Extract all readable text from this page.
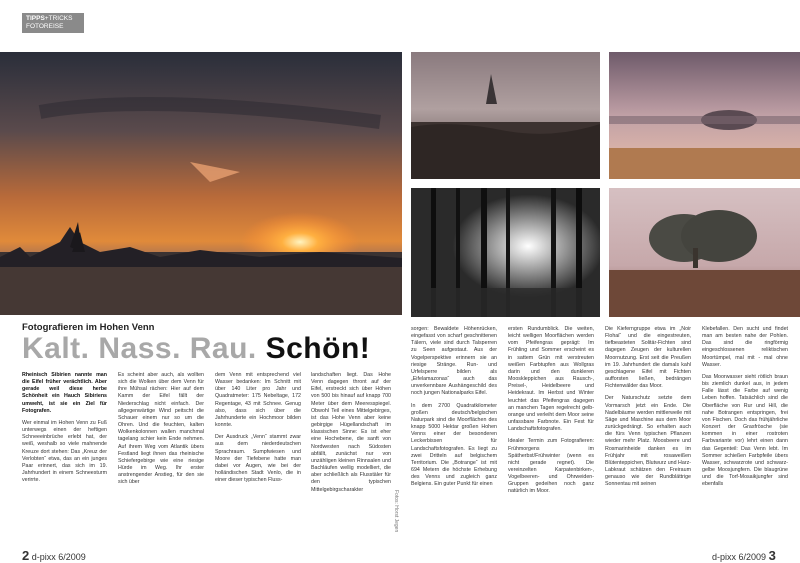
TIPPS+TRICKS
FOTOREISE
Fotografieren im Hohen Venn
Kalt. Nass. Rau. Schön!

Rheinisch Sibirien nannte man die Eifel früher verächtlich. Aber gerade weil diese herbe Schönheit ein Hauch Sibiriens umweht, ist sie ein Ziel für Fotografen.

Wer einmal im Hohen Venn zu Fuß unterwegs einen der heftigen Schneeeinbrüche erlebt hat, der weiß, weshalb so viele mahnende Kreuze dort stehen: Das „Kreuz der Verlobten“ etwa, das an ein junges Paar erinnert, das sich im 19. Jahrhundert in einem Schneesturm verirrte.

Es scheint aber auch, als wollten sich die Wolken über dem Venn für ihre Mühsal rächen: Hier auf dem Kamm der Eifel fällt der Niederschlag nicht einfach. Der allgegenwärtige Wind peitscht die Schauer einem nur so um die Ohren. Und die feuchten, kalten Wolkenkolonnen wallen manchmal tagelang schier kein Ende nehmen. Auf ihrem Weg vom Atlantik übers Festland liegt ihnen das rheinische Schiefergebirge wie eine riesige Hürde im Weg. Ihr erster anstrengender Anstieg, für den sie sich über

dem Venn mit entsprechend viel Wasser bedanken: Im Schnitt mit über 140 Liter pro Jahr und Quadratmeter: 175 Nebeltage, 172 Regentage, 43 mit Schnee. Genug also, dass sich über die Jahrhunderte ein Hochmoor bilden konnte.

Der Ausdruck „Venn“ stammt zwar aus dem niederdeutschen Sprachraum. Sumpfwiesen und Moore der Tiefebene hatte man dabei vor Augen, wie bei der holländischen Stadt Venlo, die in einer dieser typischen Fluss-

landschaften liegt. Das Hohe Venn dagegen thront auf der Eifel, erstreckt sich über Höhen von 500 bis hinauf auf knapp 700 Meter über dem Meeresspiegel. Obwohl Teil eines Mittelgebirges, ist das Hohe Venn aber keine gebirgige Hügellandschaft im klassischen Sinne: Es ist eher eine Hochebene, die sanft von Nordwesten nach Südosten abfällt, zunächst nur von unzähligen kleinen Rinnsalen und Bachläufen wellig modelliert, die aber schließlich als Flusstäler für den typischen Mittelgebirgscharakter

Fotos: Horst Jegen

sorgen: Bewaldete Höhenrücken, eingefasst von scharf geschnittenen Tälern, viele sind durch Talsperren zu Seen aufgestaut. Aus der Vogelperspektive erinnern sie an riesige Stränge. Run- und Urfelsperre bilden als „Eifelamazonas“ auch das unverkennbare Aushängeschild des noch jungen Nationalparks Eifel.

In dem 2700 Quadratkilometer großen deutsch/belgischen Naturpark sind die Moorflächen des knapp 5000 Hektar großen Hohen Venns einer der besonderen Leckerbissen für Landschaftsfotografen. Es liegt zu zwei Dritteln auf belgischem Territorium. Die „Botrange“ ist mit 694 Metern die höchste Erhebung des Venns und zugleich ganz Belgiens. Ein guter Punkt für einen

ersten Rundumblick. Die weiten, leicht welligen Moorflächen werden vom Pfeifengras geprägt: Im Frühling und Sommer erscheint es in sattem Grün mit verstreuten weißen Farbtupfen aus Wollgras darin und den dunkleren Mooskleppichen aus Rausch-, Preisel-, Heidelbeere und Heidekraut. Im Herbst und Winter leuchtet das Pfeifengras dagegen an manchen Tagen regelrecht gelb-orange und verleiht dem Moor seine unfassbare Farbnote. Ein Fest für Landschaftsfotografen.

Idealer Termin zum Fotografieren: Frühmorgens im Spätherbst/Frühwinter (wenn es nicht gerade regnet). Die vereinzelten Karpatenbirken-, Vogelbeeren- und Ohrweiden-Gruppen gedeihen noch ganz natürlich im Moor.

Die Kieferngruppe etwa im „Noir Flohai“ und die eingestreuten, tiefbeasteten Solitär-Fichten sind dagegen Zeugen der kulturellen Moornutzung. Erst seit die Preußen im 19. Jahrhundert die damals kahl geschlagene Eifel mit Fichten aufforsten ließen, bedrängen Fichtenwälder das Moor.

Der Naturschutz setzte dem Vormarsch jetzt ein Ende. Die Nadelbäume werden mittlerweile mit Säge und Maschine aus dem Moor zurückgedrängt. So erhalten auch die fürs Venn typischen Pflanzen wieder mehr Platz. Moosbeere und Rosmarinheide danken es im Frühjahr mit rosaweißen Blütenteppichen, Blutwurz und Harz-Labkraut schätzen den Freiraum genauso wie der Rundblättrige Sonnentau mit seinen

Klebefallen. Den sucht und findet man am besten nahe der Pohlen. Das sind die ringförmig eingeschlossenen reliktischen Moortümpel, mal mit - mal ohne Wasser.

Das Moorwasser sieht rötlich braun bis ziemlich dunkel aus, in jedem Falle lässt die Farbe auf wenig Leben hoffen. Tatsächlich sind die Oberfläche von Rur und Hill, die nahe Botrangen entspringen, frei von Fischen. Doch das frühjährliche Konzert der Grasfrösche (sie kommen in einer rostroten Farbvariante vor) lehrt einen dann das Gegenteil: Das Venn lebt. Im Sommer schießen Farbpfeile übers Wasser, schwarzrote und schwarz-gelbe Moosjungfern. Die blaugrüne und die Torf-Mosaikjungfer sind ebenfalls

2 d-pixx 6/2009	d-pixx 6/2009 3
